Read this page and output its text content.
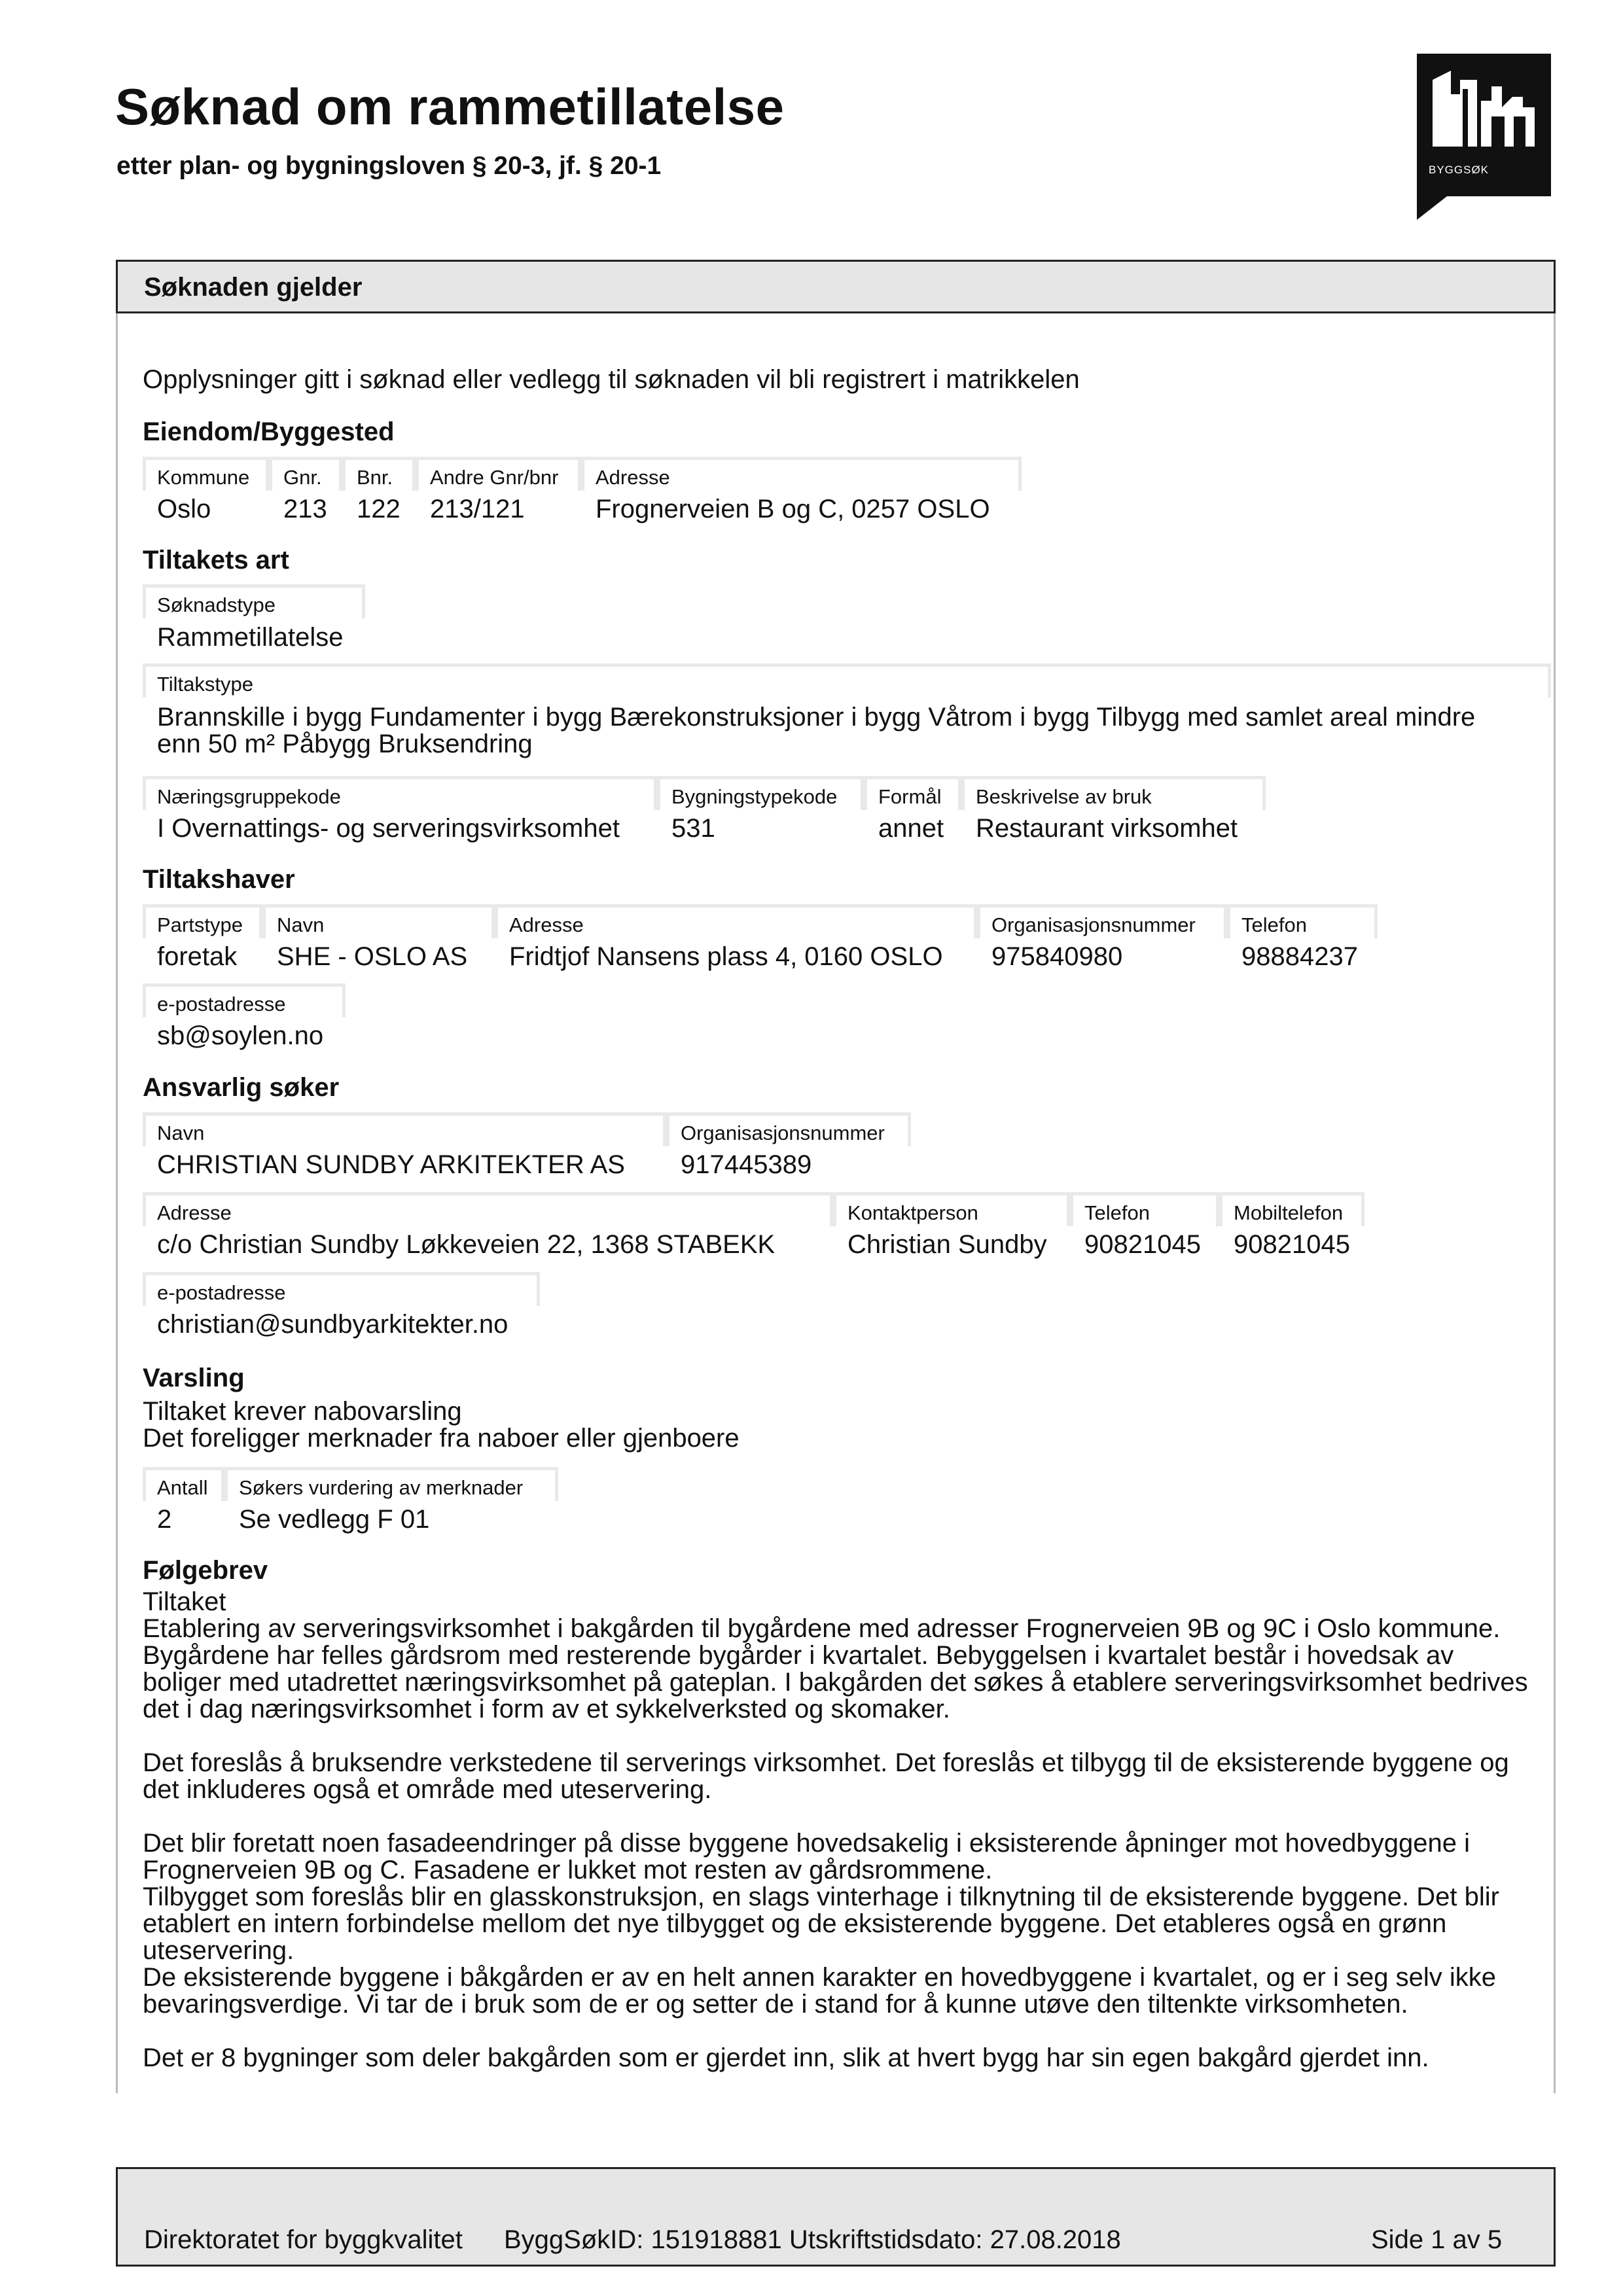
Søknad om rammetillatelse
etter plan- og bygningsloven § 20-3, jf. § 20-1	BYGGSØK
Søknaden gjelder
Opplysninger gitt i søknad eller vedlegg til søknaden vil bli registrert i matrikkelen
Eiendom/Byggested
Kommune
Oslo
Gnr.
213
Bnr.
122
Andre Gnr/bnr
213/121
Adresse
Frognerveien B og C, 0257 OSLO
Tiltakets art
Søknadstype
Rammetillatelse
Tiltakstype
Brannskille i bygg Fundamenter i bygg Bærekonstruksjoner i bygg Våtrom i bygg Tilbygg med samlet areal mindre
enn 50 m² Påbygg Bruksendring
Næringsgruppekode
I Overnattings- og serveringsvirksomhet
Bygningstypekode
531
Formål
annet
Beskrivelse av bruk
Restaurant virksomhet
Tiltakshaver
Partstype
foretak
Navn
SHE - OSLO AS
Adresse
Fridtjof Nansens plass 4, 0160 OSLO
Organisasjonsnummer
975840980
Telefon
98884237
e-postadresse
sb@soylen.no
Ansvarlig søker
Navn
CHRISTIAN SUNDBY ARKITEKTER AS
Organisasjonsnummer
917445389
Adresse
c/o Christian Sundby Løkkeveien 22, 1368 STABEKK
Kontaktperson
Christian Sundby
Telefon
90821045
Mobiltelefon
90821045
e-postadresse
christian@sundbyarkitekter.no
Varsling
Tiltaket krever nabovarsling
Det foreligger merknader fra naboer eller gjenboere
Antall
2
Søkers vurdering av merknader
Se vedlegg F 01
Følgebrev

Tiltaket

Etablering av serveringsvirksomhet i bakgården til bygårdene med adresser Frognerveien 9B og 9C i Oslo kommune. Bygårdene har felles gårdsrom med resterende bygårder i kvartalet. Bebyggelsen i kvartalet består i hovedsak av boliger med utadrettet næringsvirksomhet på gateplan. I bakgården det søkes å etablere serveringsvirksomhet bedrives det i dag næringsvirksomhet i form av et sykkelverksted og skomaker.

Det foreslås å bruksendre verkstedene til serverings virksomhet. Det foreslås et tilbygg til de eksisterende byggene og det inkluderes også et område med uteservering.

Det blir foretatt noen fasadeendringer på disse byggene hovedsakelig i eksisterende åpninger mot hovedbyggene i Frognerveien 9B og C. Fasadene er lukket mot resten av gårdsrommene.

Tilbygget som foreslås blir en glasskonstruksjon, en slags vinterhage i tilknytning til de eksisterende byggene. Det blir etablert en intern forbindelse mellom det nye tilbygget og de eksisterende byggene. Det etableres også en grønn uteservering.

De eksisterende byggene i båkgården er av en helt annen karakter en hovedbyggene i kvartalet, og er i seg selv ikke bevaringsverdige. Vi tar de i bruk som de er og setter de i stand for å kunne utøve den tiltenkte virksomheten.

Det er 8 bygninger som deler bakgården som er gjerdet inn, slik at hvert bygg har sin egen bakgård gjerdet inn.

Direktoratet for byggkvalitet ByggSøkID: 151918881 Utskriftstidsdato: 27.08.2018	Side 1 av 5
